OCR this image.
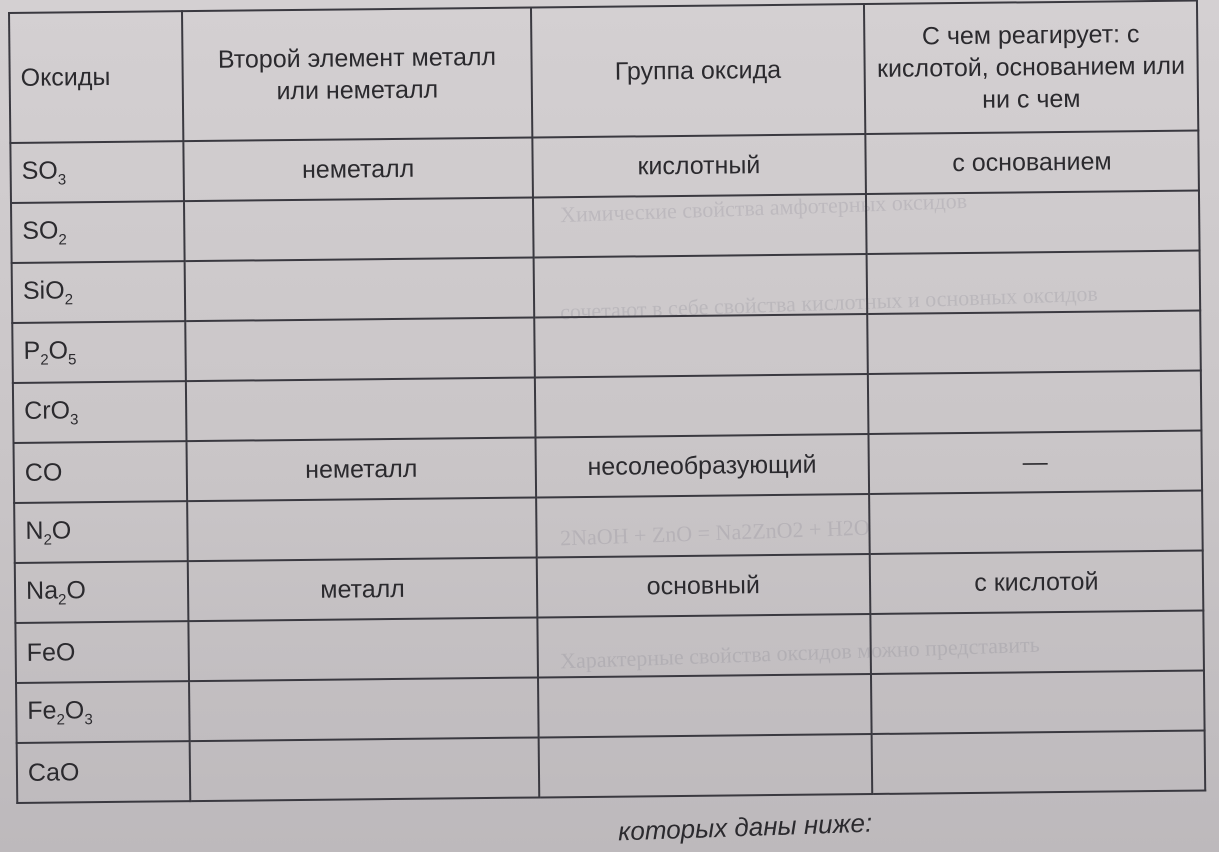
Химические свойства амфотерных оксидов
сочетают в себе свойства кислотных и основных оксидов
2NaOH + ZnO = Na2ZnO2 + H2O
Характерные свойства оксидов можно представить
Оксиды	Второй элемент металл или неметалл	Группа оксида	С чем реагирует: с кислотой, основанием или ни с чем
$SO_3$	неметалл	кислотный	с основанием
$SO_2$			
SiO$_2$			
$P_2O_5$			
CrO$_3$			
CO	неметалл	несолеобразующий	—
$N_2O$			
$Na_2O$	металл	основный	с кислотой
FeO			
$Fe_2O_3$			
CaO			
которых даны ниже:
